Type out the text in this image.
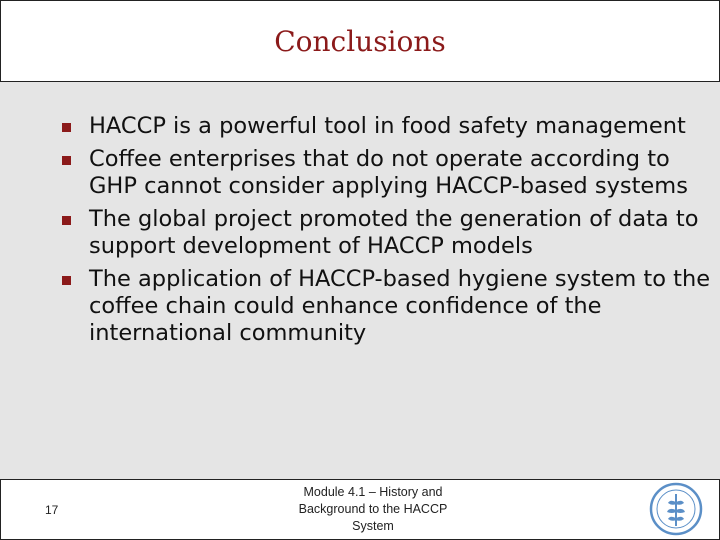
Conclusions
HACCP is a powerful tool in food safety management
Coffee enterprises that do not operate according to GHP cannot consider applying HACCP-based systems
The global project promoted the generation of data to support development of HACCP models
The application of HACCP-based hygiene system to the coffee chain could enhance confidence of the international community
17
Module 4.1 – History and
Background to the HACCP
System
